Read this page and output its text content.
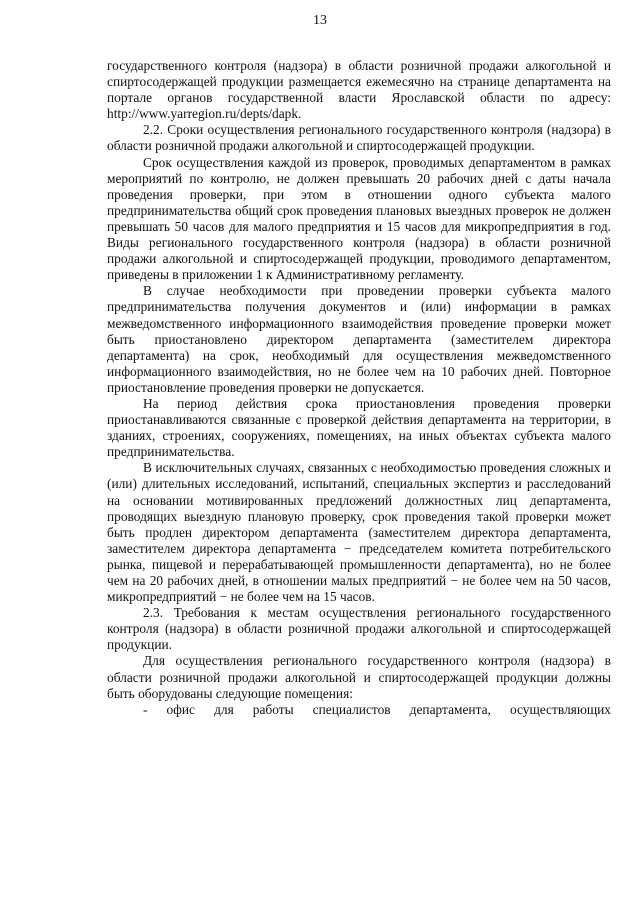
13

государственного контроля (надзора) в области розничной продажи алкогольной и спиртосодержащей продукции размещается ежемесячно на странице департамента на портале органов государственной власти Ярославской области по адресу: http://www.yarregion.ru/depts/dapk.

2.2. Сроки осуществления регионального государственного контроля (надзора) в области розничной продажи алкогольной и спиртосодержащей продукции.

Срок осуществления каждой из проверок, проводимых департаментом в рамках мероприятий по контролю, не должен превышать 20 рабочих дней с даты начала проведения проверки, при этом в отношении одного субъекта малого предпринимательства общий срок проведения плановых выездных проверок не должен превышать 50 часов для малого предприятия и 15 часов для микропредприятия в год. Виды регионального государственного контроля (надзора) в области розничной продажи алкогольной и спиртосодержащей продукции, проводимого департаментом, приведены в приложении 1 к Административному регламенту.

В случае необходимости при проведении проверки субъекта малого предпринимательства получения документов и (или) информации в рамках межведомственного информационного взаимодействия проведение проверки может быть приостановлено директором департамента (заместителем директора департамента) на срок, необходимый для осуществления межведомственного информационного взаимодействия, но не более чем на 10 рабочих дней. Повторное приостановление проведения проверки не допускается.

На период действия срока приостановления проведения проверки приостанавливаются связанные с проверкой действия департамента на территории, в зданиях, строениях, сооружениях, помещениях, на иных объектах субъекта малого предпринимательства.

В исключительных случаях, связанных с необходимостью проведения сложных и (или) длительных исследований, испытаний, специальных экспертиз и расследований на основании мотивированных предложений должностных лиц департамента, проводящих выездную плановую проверку, срок проведения такой проверки может быть продлен директором департамента (заместителем директора департамента, заместителем директора департамента − председателем комитета потребительского рынка, пищевой и перерабатывающей промышленности департамента), но не более чем на 20 рабочих дней, в отношении малых предприятий − не более чем на 50 часов, микропредприятий − не более чем на 15 часов.

2.3. Требования к местам осуществления регионального государственного контроля (надзора) в области розничной продажи алкогольной и спиртосодержащей продукции.

Для осуществления регионального государственного контроля (надзора) в области розничной продажи алкогольной и спиртосодержащей продукции должны быть оборудованы следующие помещения:

- офис для работы специалистов департамента, осуществляющих
